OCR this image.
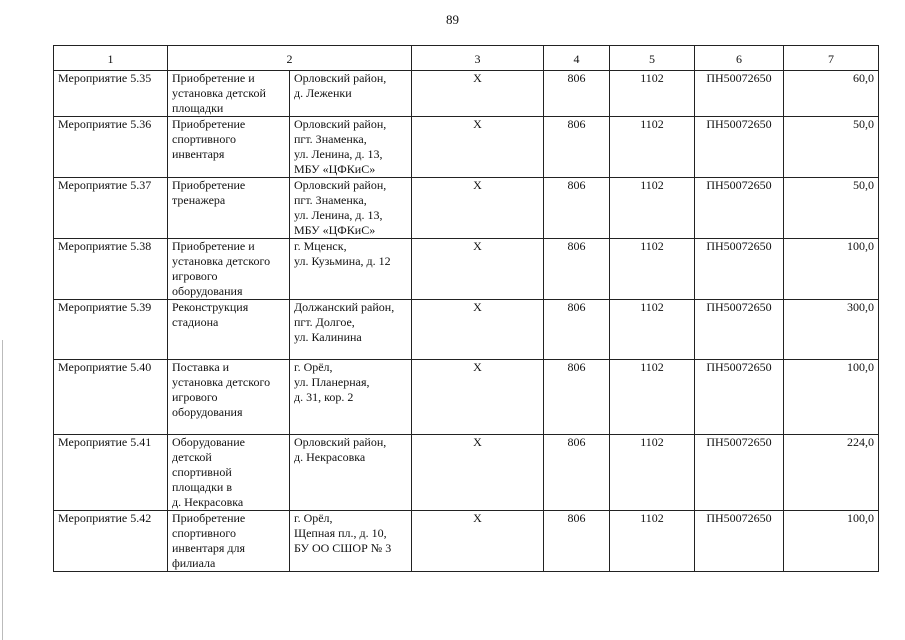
89
1	2		3	4	5	6	7
Мероприятие 5.35	Приобретение и
установка детской
площадки	Орловский район,
д. Леженки	Х	806	1102	ПН50072650	60,0
Мероприятие 5.36	Приобретение
спортивного
инвентаря	Орловский район,
пгт. Знаменка,
ул. Ленина, д. 13,
МБУ «ЦФКиС»	Х	806	1102	ПН50072650	50,0
Мероприятие 5.37	Приобретение
тренажера	Орловский район,
пгт. Знаменка,
ул. Ленина, д. 13,
МБУ «ЦФКиС»	Х	806	1102	ПН50072650	50,0
Мероприятие 5.38	Приобретение и
установка детского
игрового
оборудования	г. Мценск,
ул. Кузьмина, д. 12	Х	806	1102	ПН50072650	100,0
Мероприятие 5.39	Реконструкция
стадиона	Должанский район,
пгт. Долгое,
ул. Калинина	Х	806	1102	ПН50072650	300,0
Мероприятие 5.40	Поставка и
установка детского
игрового
оборудования	г. Орёл,
ул. Планерная,
д. 31, кор. 2	Х	806	1102	ПН50072650	100,0
Мероприятие 5.41	Оборудование
детской
спортивной
площадки в
д. Некрасовка	Орловский район,
д. Некрасовка	Х	806	1102	ПН50072650	224,0
Мероприятие 5.42	Приобретение
спортивного
инвентаря для
филиала	г. Орёл,
Щепная пл., д. 10,
БУ ОО СШОР № 3	Х	806	1102	ПН50072650	100,0
